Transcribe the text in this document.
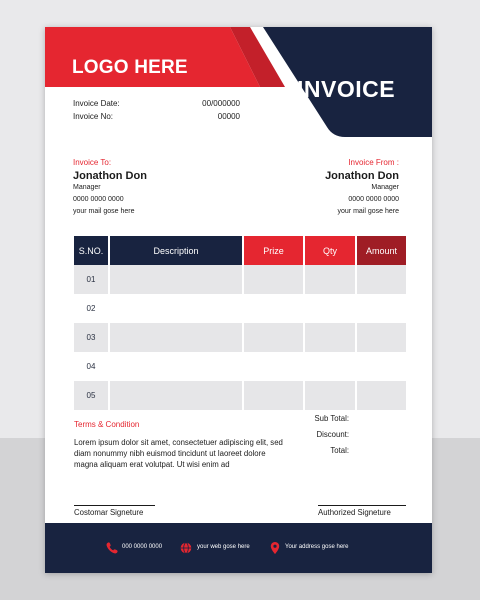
LOGO HERE
INVOICE
Invoice Date:	00/000000
Invoice No:	00000
Invoice To:
Jonathon Don
Manager
0000 0000 0000
your mail gose here
Invoice From :
Jonathon Don
Manager
0000 0000 0000
your mail gose here
S.NO.	Description	Prize	Qty	Amount
01
02
03
04
05
Terms & Condition
Lorem ipsum dolor sit amet, consectetuer adipiscing elit, sed diam nonummy nibh euismod tincidunt ut laoreet dolore magna aliquam erat volutpat. Ut wisi enim ad
Sub Total:
Discount:
Total:
Costomar Signeture	Authorized Signeture
000 0000 0000	your web gose here	Your address gose here
